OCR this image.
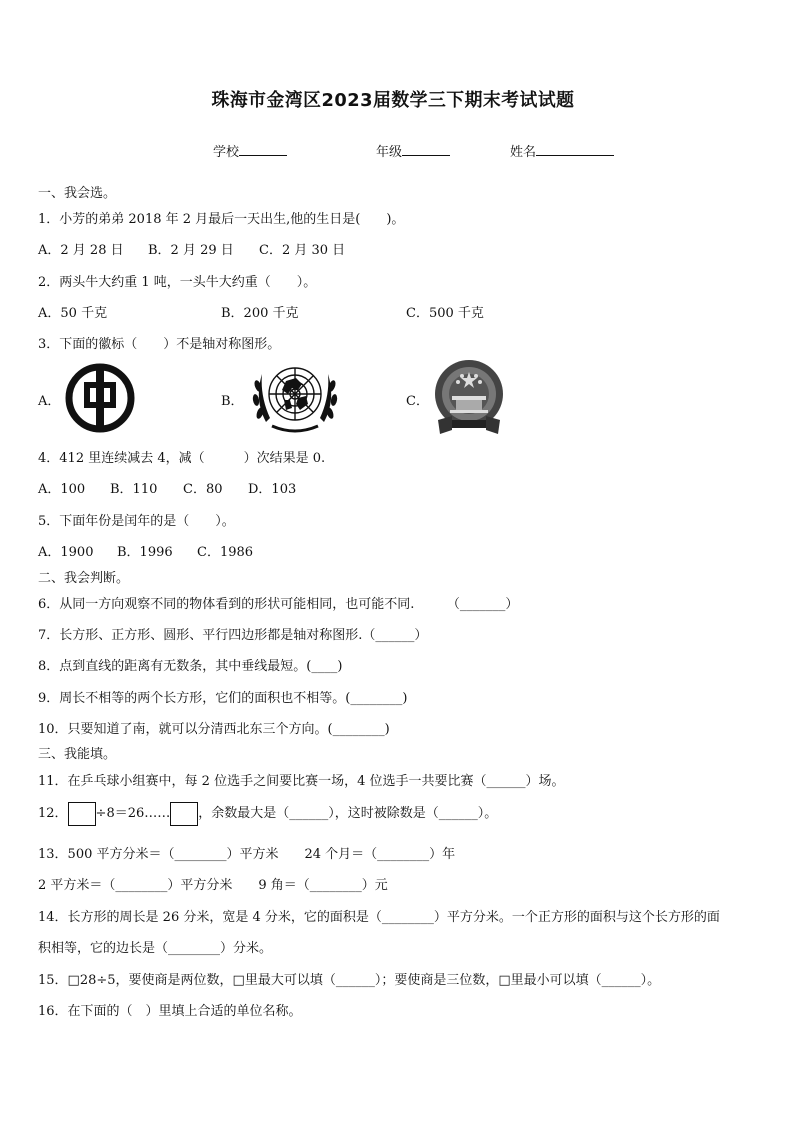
珠海市金湾区2023届数学三下期末考试试题
学校	年级	姓名
一、我会选。
1．小芳的弟弟 2018 年 2 月最后一天出生,他的生日是(　　)。
A．2 月 28 日 B．2 月 29 日 C．2 月 30 日
2．两头牛大约重 1 吨，一头牛大约重（　　）。
A．50 千克	B．200 千克	C．500 千克
3．下面的徽标（　　）不是轴对称图形。
A．	B．	C．
4．412 里连续减去 4，减（　　　）次结果是 0.
A．100 B．110 C．80 D．103
5．下面年份是闰年的是（　　）。
A．1900 B．1996 C．1986
二、我会判断。
6．从同一方向观察不同的物体看到的形状可能相同，也可能不同.　　　（_______）
7．长方形、正方形、圆形、平行四边形都是轴对称图形.（______）
8．点到直线的距离有无数条，其中垂线最短。(____)
9．周长不相等的两个长方形，它们的面积也不相等。(________)
10．只要知道了南，就可以分清西北东三个方向。(________)
三、我能填。
11．在乒乓球小组赛中，每 2 位选手之间要比赛一场，4 位选手一共要比赛（______）场。
12． ÷8＝26…… ，余数最大是（______），这时被除数是（______）。
13．500 平方分米＝（________）平方米　　24 个月＝（________）年
2 平方米＝（________）平方分米　　9 角＝（________）元
14．长方形的周长是 26 分米，宽是 4 分米，它的面积是（________）平方分米。一个正方形的面积与这个长方形的面
积相等，它的边长是（________）分米。
15．□28÷5，要使商是两位数，□里最大可以填（______）；要使商是三位数，□里最小可以填（______）。
16．在下面的（　）里填上合适的单位名称。
